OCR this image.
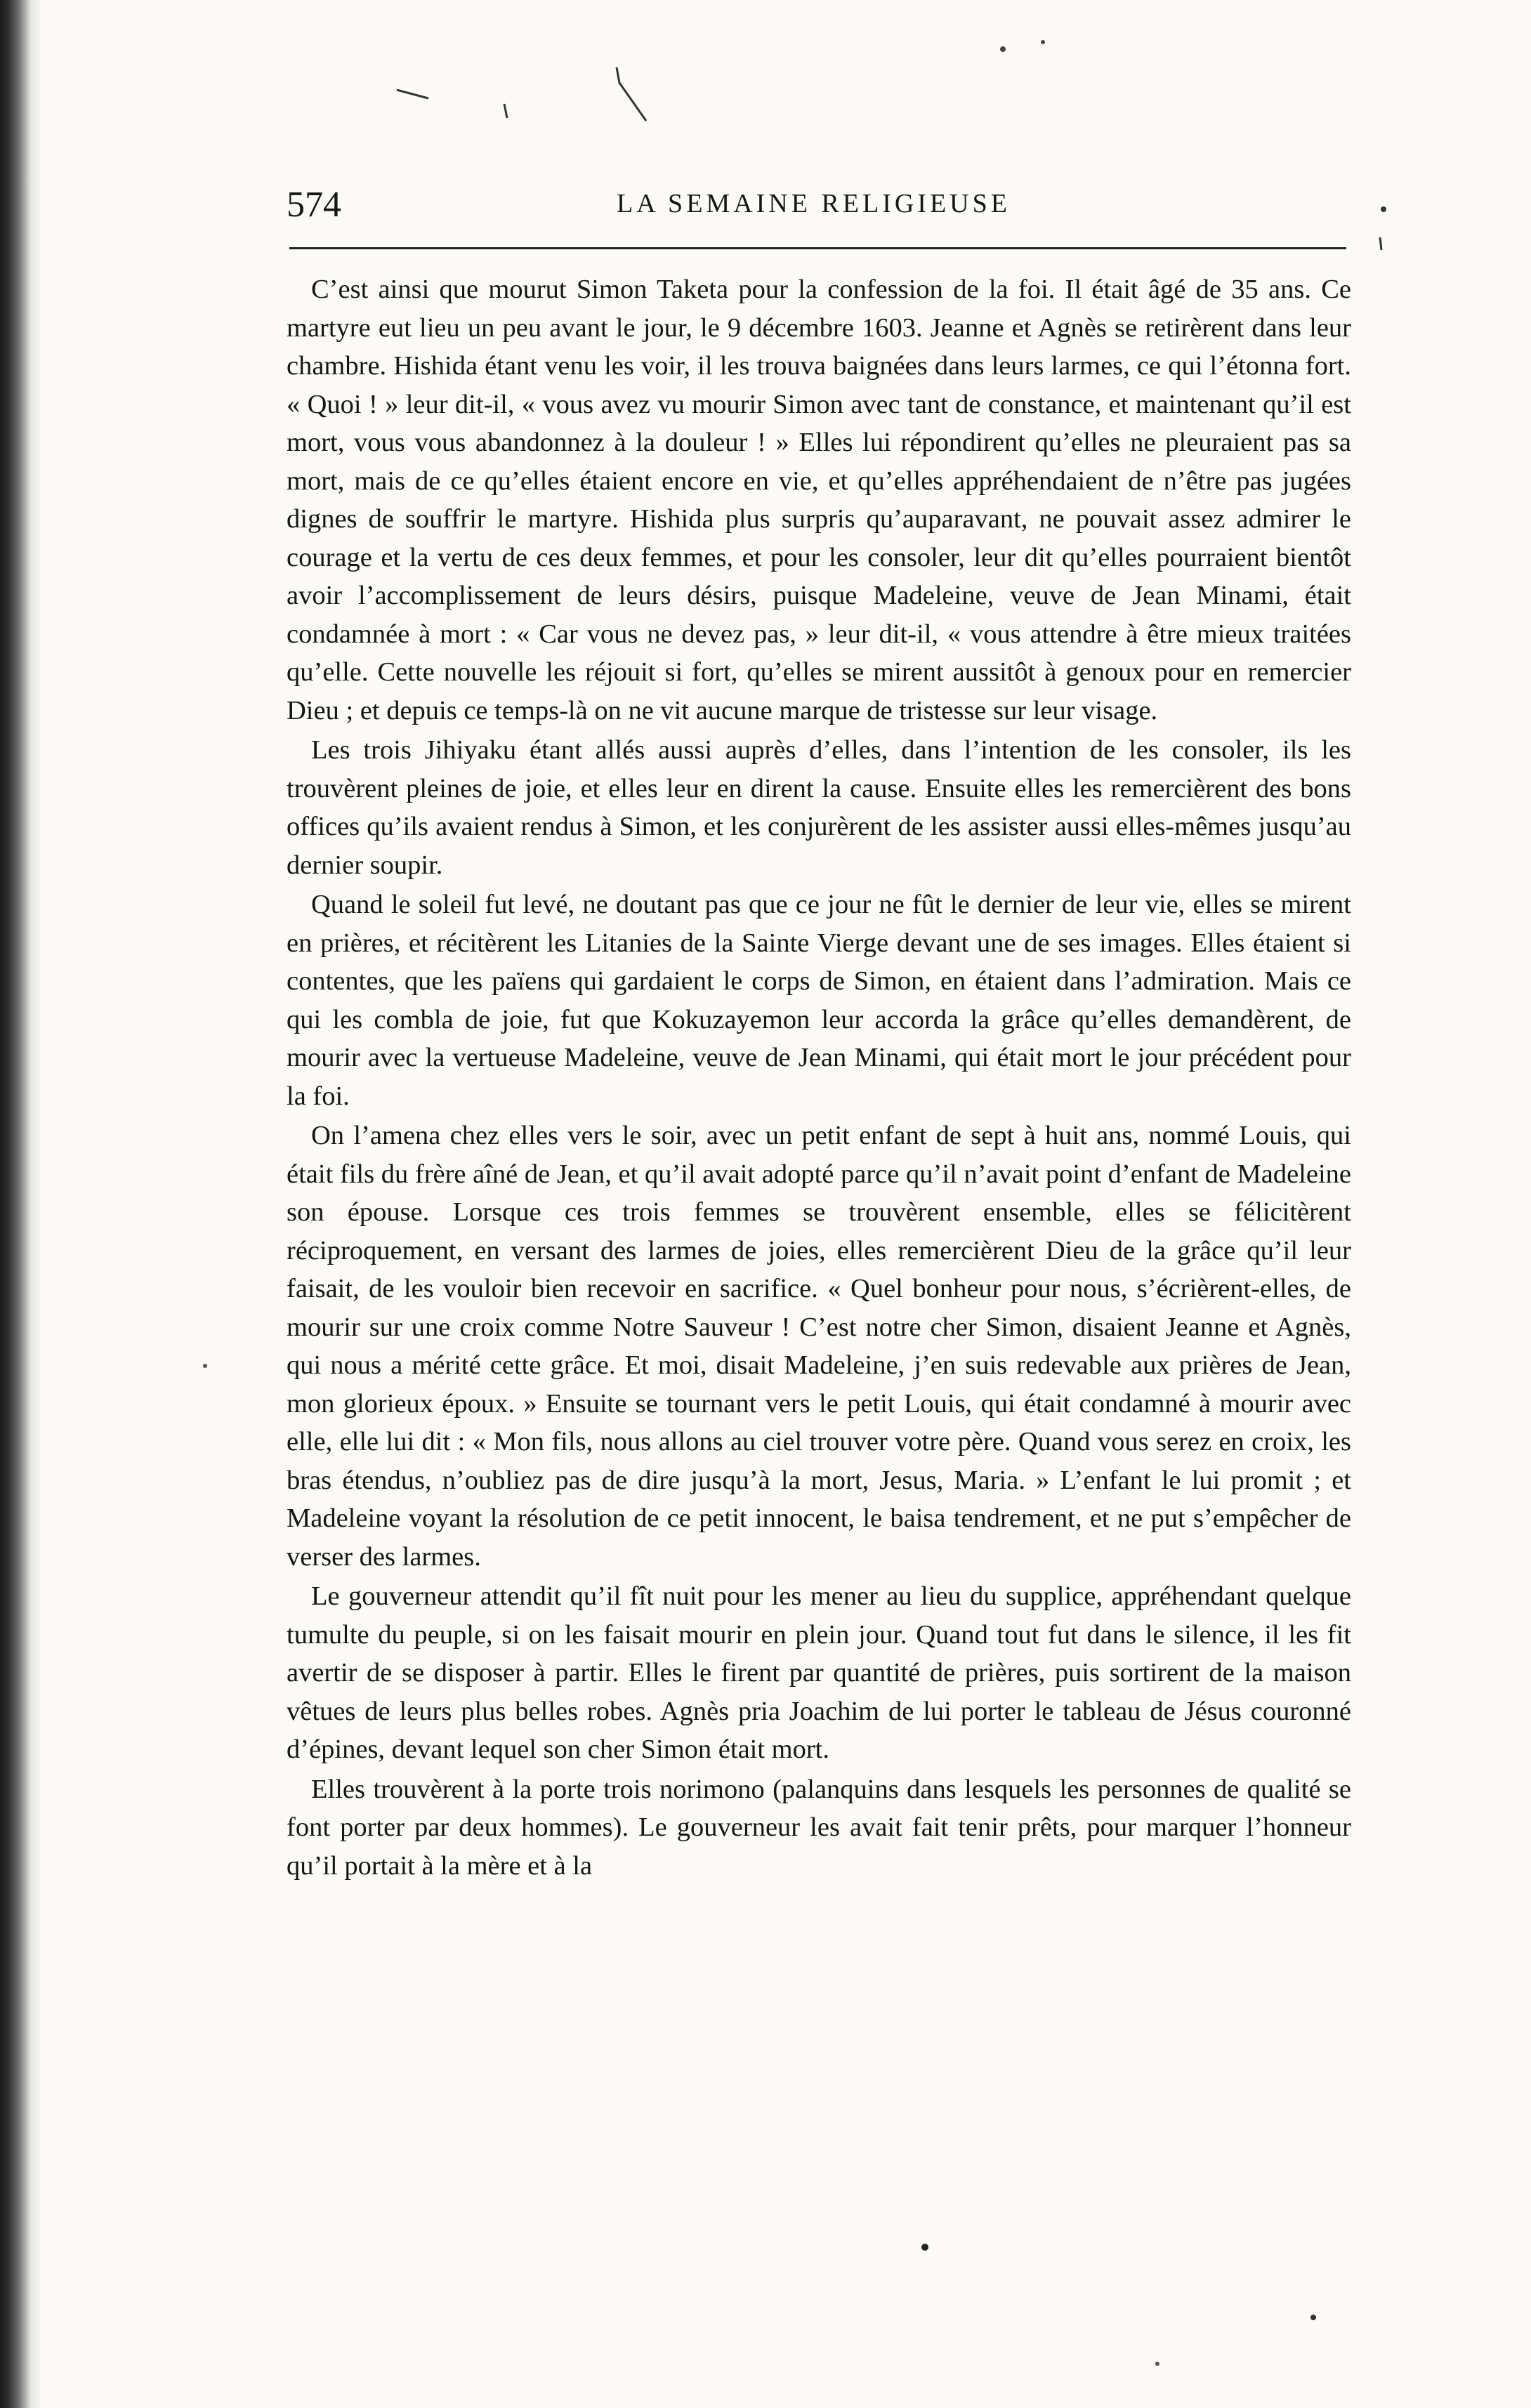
574	LA SEMAINE RELIGIEUSE

C’est ainsi que mourut Simon Taketa pour la confession de la foi. Il était âgé de 35 ans. Ce martyre eut lieu un peu avant le jour, le 9 décembre 1603. Jeanne et Agnès se retirèrent dans leur chambre. Hishida étant venu les voir, il les trouva baignées dans leurs larmes, ce qui l’étonna fort. « Quoi ! » leur dit-il, « vous avez vu mourir Simon avec tant de constance, et maintenant qu’il est mort, vous vous abandonnez à la douleur ! » Elles lui répondirent qu’elles ne pleuraient pas sa mort, mais de ce qu’elles étaient encore en vie, et qu’elles appréhendaient de n’être pas jugées dignes de souffrir le martyre. Hishida plus surpris qu’auparavant, ne pouvait assez admirer le courage et la vertu de ces deux femmes, et pour les consoler, leur dit qu’elles pourraient bientôt avoir l’accomplissement de leurs désirs, puisque Madeleine, veuve de Jean Minami, était condamnée à mort : « Car vous ne devez pas, » leur dit-il, « vous attendre à être mieux traitées qu’elle. Cette nouvelle les réjouit si fort, qu’elles se mirent aussitôt à genoux pour en remercier Dieu ; et depuis ce temps-là on ne vit aucune marque de tristesse sur leur visage.

Les trois Jihiyaku étant allés aussi auprès d’elles, dans l’intention de les consoler, ils les trouvèrent pleines de joie, et elles leur en dirent la cause. Ensuite elles les remercièrent des bons offices qu’ils avaient rendus à Simon, et les conjurèrent de les assister aussi elles-mêmes jusqu’au dernier soupir.

Quand le soleil fut levé, ne doutant pas que ce jour ne fût le dernier de leur vie, elles se mirent en prières, et récitèrent les Litanies de la Sainte Vierge devant une de ses images. Elles étaient si contentes, que les païens qui gardaient le corps de Simon, en étaient dans l’admiration. Mais ce qui les combla de joie, fut que Kokuzayemon leur accorda la grâce qu’elles demandèrent, de mourir avec la vertueuse Madeleine, veuve de Jean Minami, qui était mort le jour précédent pour la foi.

On l’amena chez elles vers le soir, avec un petit enfant de sept à huit ans, nommé Louis, qui était fils du frère aîné de Jean, et qu’il avait adopté parce qu’il n’avait point d’enfant de Madeleine son épouse. Lorsque ces trois femmes se trouvèrent ensemble, elles se félicitèrent réciproquement, en versant des larmes de joies, elles remercièrent Dieu de la grâce qu’il leur faisait, de les vouloir bien recevoir en sacrifice. « Quel bonheur pour nous, s’écrièrent-elles, de mourir sur une croix comme Notre Sauveur ! C’est notre cher Simon, disaient Jeanne et Agnès, qui nous a mérité cette grâce. Et moi, disait Madeleine, j’en suis redevable aux prières de Jean, mon glorieux époux. » Ensuite se tournant vers le petit Louis, qui était condamné à mourir avec elle, elle lui dit : « Mon fils, nous allons au ciel trouver votre père. Quand vous serez en croix, les bras étendus, n’oubliez pas de dire jusqu’à la mort, Jesus, Maria. » L’enfant le lui promit ; et Madeleine voyant la résolution de ce petit innocent, le baisa tendrement, et ne put s’empêcher de verser des larmes.

Le gouverneur attendit qu’il fît nuit pour les mener au lieu du supplice, appréhendant quelque tumulte du peuple, si on les faisait mourir en plein jour. Quand tout fut dans le silence, il les fit avertir de se disposer à partir. Elles le firent par quantité de prières, puis sortirent de la maison vêtues de leurs plus belles robes. Agnès pria Joachim de lui porter le tableau de Jésus couronné d’épines, devant lequel son cher Simon était mort.

Elles trouvèrent à la porte trois norimono (palanquins dans lesquels les personnes de qualité se font porter par deux hommes). Le gouverneur les avait fait tenir prêts, pour marquer l’honneur qu’il portait à la mère et à la
